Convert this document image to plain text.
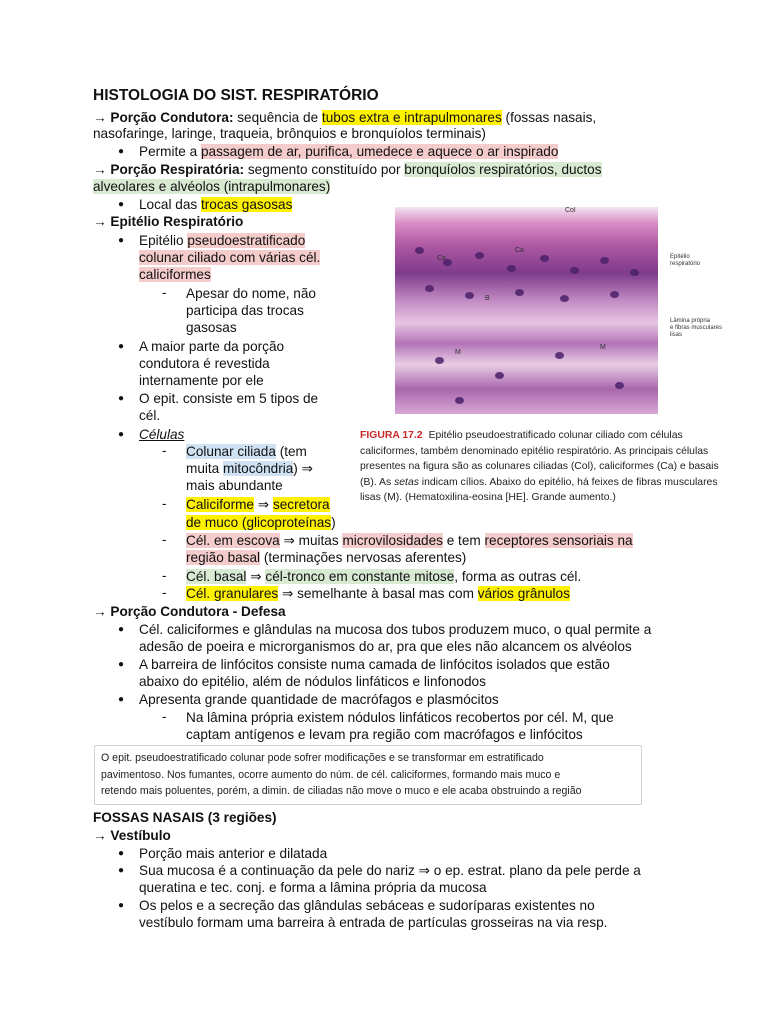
HISTOLOGIA DO SIST. RESPIRATÓRIO
→ Porção Condutora: sequência de tubos extra e intrapulmonares (fossas nasais,
nasofaringe, laringe, traqueia, brônquios e bronquíolos terminais)
● Permite a passagem de ar, purifica, umedece e aquece o ar inspirado
→ Porção Respiratória: segmento constituído por bronquíolos respiratórios, ductos
alveolares e alvéolos (intrapulmonares)
● Local das trocas gasosas
→ Epitélio Respiratório
● Epitélio pseudoestratificado
colunar ciliado com várias cél.
caliciformes
- Apesar do nome, não
participa das trocas
gasosas
● A maior parte da porção
condutora é revestida
internamente por ele
● O epit. consiste em 5 tipos de
cél.
● Células
- Colunar ciliada (tem
muita mitocôndria) ⇒
mais abundante
- Caliciforme ⇒ secretora
de muco (glicoproteínas)
- Cél. em escova ⇒ muitas microvilosidades e tem receptores sensoriais na
região basal (terminações nervosas aferentes)
- Cél. basal ⇒ cél-tronco em constante mitose, forma as outras cél.
- Cél. granulares ⇒ semelhante à basal mas com vários grânulos
→ Porção Condutora - Defesa
● Cél. caliciformes e glândulas na mucosa dos tubos produzem muco, o qual permite a
adesão de poeira e microrganismos do ar, pra que eles não alcancem os alvéolos
● A barreira de linfócitos consiste numa camada de linfócitos isolados que estão
abaixo do epitélio, além de nódulos linfáticos e linfonodos
● Apresenta grande quantidade de macrófagos e plasmócitos
- Na lâmina própria existem nódulos linfáticos recobertos por cél. M, que
captam antígenos e levam pra região com macrófagos e linfócitos
O epit. pseudoestratificado colunar pode sofrer modificações e se transformar em estratificado
pavimentoso. Nos fumantes, ocorre aumento do núm. de cél. caliciformes, formando mais muco e
retendo mais poluentes, porém, a dimin. de ciliadas não move o muco e ele acaba obstruindo a região
FOSSAS NASAIS (3 regiões)
→ Vestíbulo
● Porção mais anterior e dilatada
● Sua mucosa é a continuação da pele do nariz ⇒ o ep. estrat. plano da pele perde a
queratina e tec. conj. e forma a lâmina própria da mucosa
● Os pelos e a secreção das glândulas sebáceas e sudoríparas existentes no
vestíbulo formam uma barreira à entrada de partículas grosseiras na via resp.
Col
Ca
Ca
B
M
M
Epitélio
respiratório
Lâmina própria
e fibras musculares
lisas
FIGURA 17.2 Epitélio pseudoestratificado colunar ciliado com células
caliciformes, também denominado epitélio respiratório. As principais células
presentes na figura são as colunares ciliadas (Col), caliciformes (Ca) e basais
(B). As setas indicam cílios. Abaixo do epitélio, há feixes de fibras musculares
lisas (M). (Hematoxilina-eosina [HE]. Grande aumento.)
